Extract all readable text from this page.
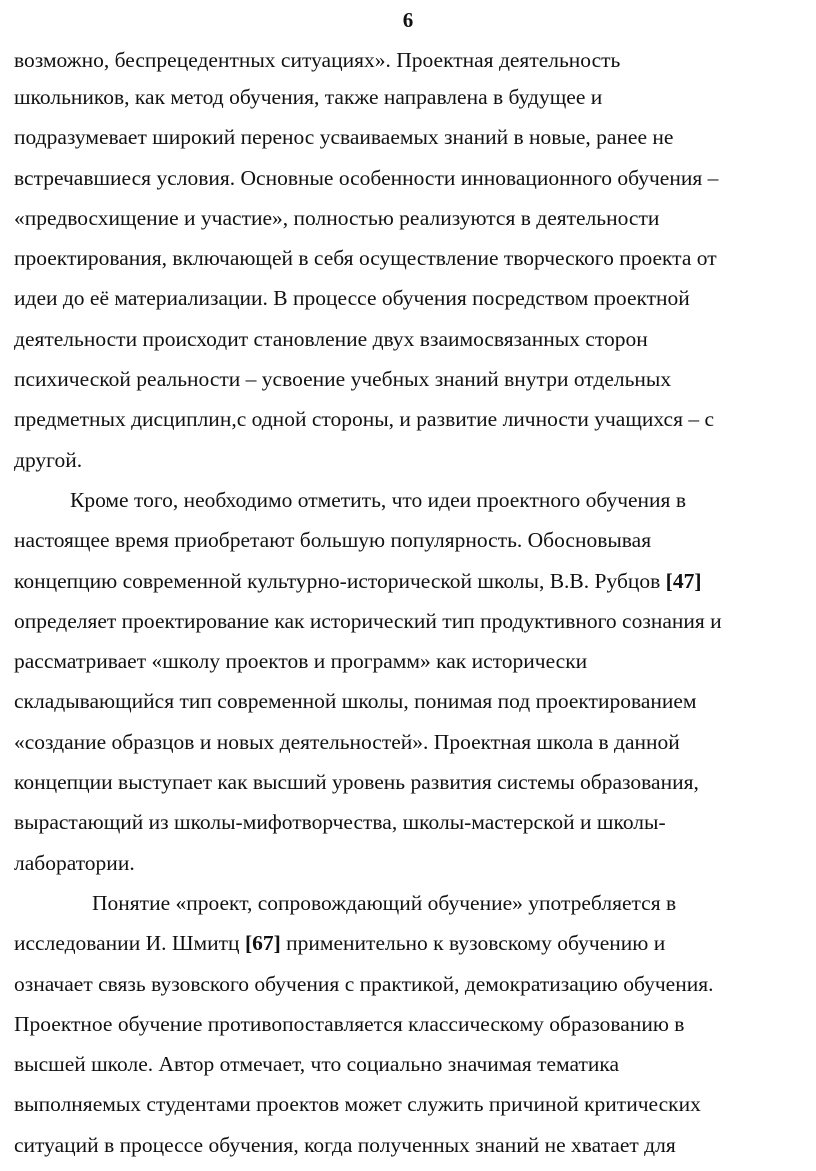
6
возможно, беспрецедентных ситуациях». Проектная деятельность
школьников, как метод обучения, также направлена в будущее и
подразумевает широкий перенос усваиваемых знаний в новые, ранее не
встречавшиеся условия. Основные особенности инновационного обучения –
«предвосхищение и участие», полностью реализуются в деятельности
проектирования, включающей в себя осуществление творческого проекта от
идеи до её материализации. В процессе обучения посредством проектной
деятельности происходит становление двух взаимосвязанных сторон
психической реальности – усвоение учебных знаний внутри отдельных
предметных дисциплин,с одной стороны, и развитие личности учащихся – с
другой.
Кроме того, необходимо отметить, что идеи проектного обучения в
настоящее время приобретают большую популярность. Обосновывая
концепцию современной культурно-исторической школы, В.В. Рубцов [47]
определяет проектирование как исторический тип продуктивного сознания и
рассматривает «школу проектов и программ» как исторически
складывающийся тип современной школы, понимая под проектированием
«создание образцов и новых деятельностей». Проектная школа в данной
концепции выступает как высший уровень развития системы образования,
вырастающий из школы-мифотворчества, школы-мастерской и школы-
лаборатории.
Понятие «проект, сопровождающий обучение» употребляется в
исследовании И. Шмитц [67] применительно к вузовскому обучению и
означает связь вузовского обучения с практикой, демократизацию обучения.
Проектное обучение противопоставляется классическому образованию в
высшей школе. Автор отмечает, что социально значимая тематика
выполняемых студентами проектов может служить причиной критических
ситуаций в процессе обучения, когда полученных знаний не хватает для
